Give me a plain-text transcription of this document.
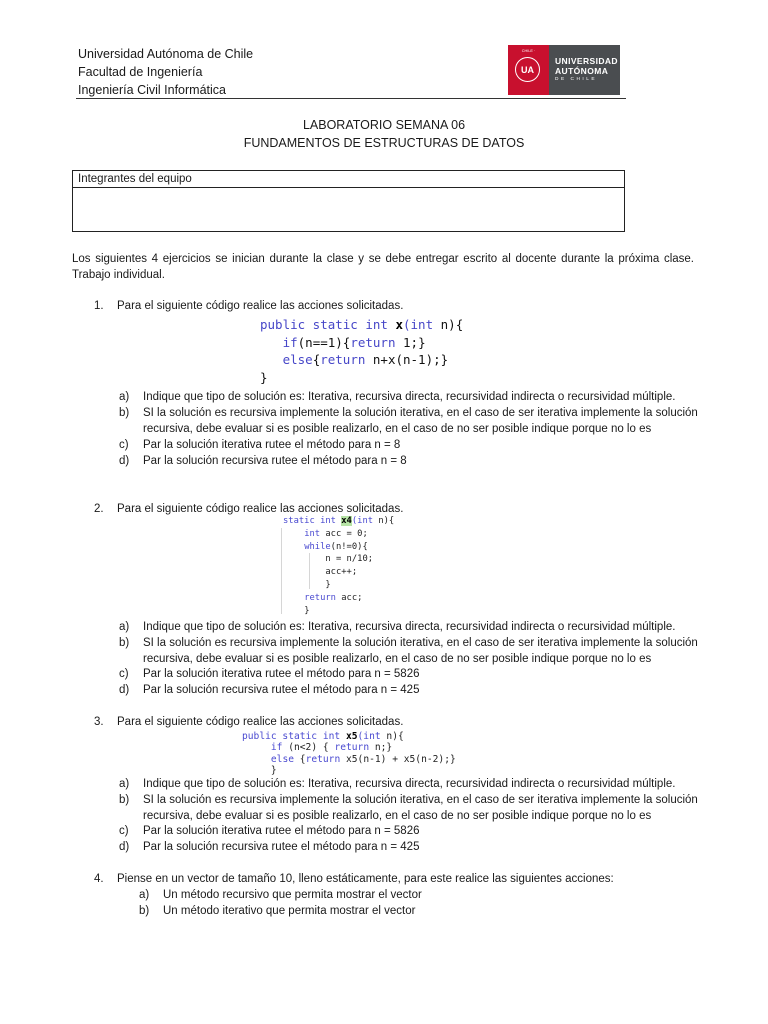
Universidad Autónoma de Chile
Facultad de Ingeniería
Ingeniería Civil Informática
CHILE ·
UA
UNIVERSIDAD
AUTÓNOMA
DE CHILE
LABORATORIO SEMANA 06
FUNDAMENTOS DE ESTRUCTURAS DE DATOS
Integrantes del equipo
Los siguientes 4 ejercicios se inician durante la clase y se debe entregar escrito al docente durante la próxima clase. Trabajo individual.
1. Para el siguiente código realice las acciones solicitadas.
public static int x(int n){
if(n==1){return 1;}
else{return n+x(n-1);}
}
a) Indique que tipo de solución es: Iterativa, recursiva directa, recursividad indirecta o recursividad múltiple.
b) SI la solución es recursiva implemente la solución iterativa, en el caso de ser iterativa implemente la solución recursiva, debe evaluar si es posible realizarlo, en el caso de no ser posible indique porque no lo es
c) Par la solución iterativa rutee el método para n = 8
d) Par la solución recursiva rutee el método para n = 8
2. Para el siguiente código realice las acciones solicitadas.
static int x4(int n){
int acc = 0;
while(n!=0){
n = n/10;
acc++;
}
return acc;
}
a) Indique que tipo de solución es: Iterativa, recursiva directa, recursividad indirecta o recursividad múltiple.
b) SI la solución es recursiva implemente la solución iterativa, en el caso de ser iterativa implemente la solución recursiva, debe evaluar si es posible realizarlo, en el caso de no ser posible indique porque no lo es
c) Par la solución iterativa rutee el método para n = 5826
d) Par la solución recursiva rutee el método para n = 425
3. Para el siguiente código realice las acciones solicitadas.
public static int x5(int n){
if (n<2) { return n;}
else {return x5(n-1) + x5(n-2);}
}
a) Indique que tipo de solución es: Iterativa, recursiva directa, recursividad indirecta o recursividad múltiple.
b) SI la solución es recursiva implemente la solución iterativa, en el caso de ser iterativa implemente la solución recursiva, debe evaluar si es posible realizarlo, en el caso de no ser posible indique porque no lo es
c) Par la solución iterativa rutee el método para n = 5826
d) Par la solución recursiva rutee el método para n = 425
4. Piense en un vector de tamaño 10, lleno estáticamente, para este realice las siguientes acciones:
a) Un método recursivo que permita mostrar el vector
b) Un método iterativo que permita mostrar el vector
